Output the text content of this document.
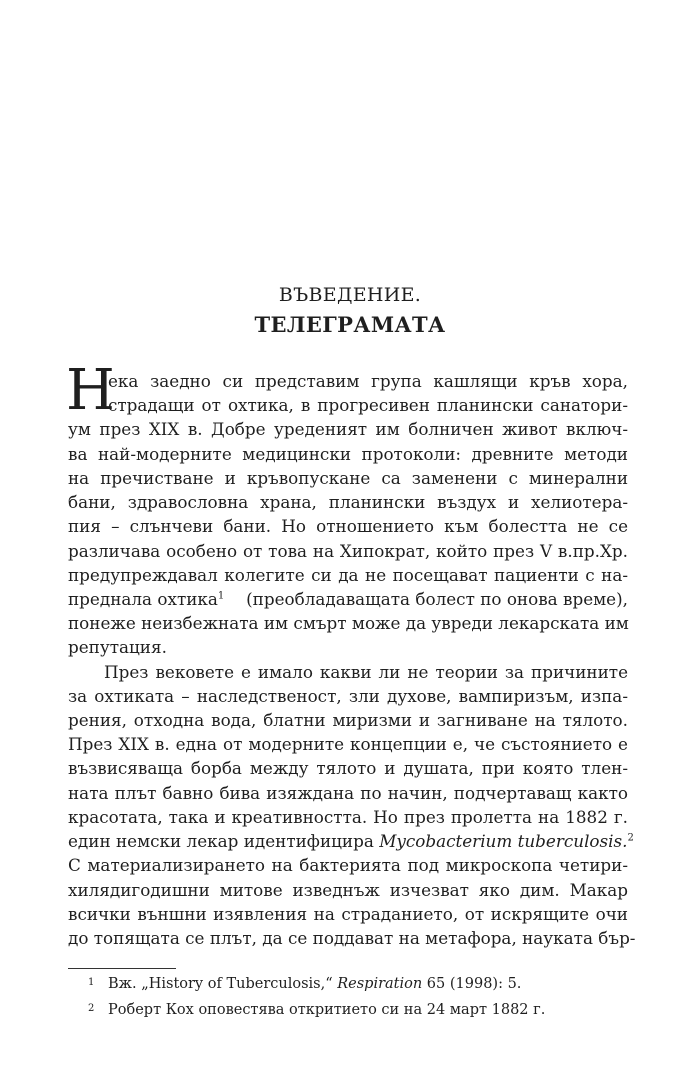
ВЪВЕДЕНИЕ.
ТЕЛЕГРАМАТА
Н
ека заедно си представим група кашлящи кръв хора,
страдащи от охтика, в прогресивен планински санатори-
ум през XIX в. Добре уреденият им болничен живот включ-
ва най-модерните медицински протоколи: древните методи
на пречистване и кръвопускане са заменени с минерални
бани, здравословна храна, планински въздух и хелиотера-
пия – слънчеви бани. Но отношението към болестта не се
различава особено от това на Хипократ, който през V в.пр.Хр.
предупреждавал колегите си да не посещават пациенти с на-
преднала охтика$^1$ (преобладаващата болест по онова време),
понеже неизбежната им смърт може да увреди лекарската им
репутация.
През вековете е имало какви ли не теории за причините
за охтиката – наследственост, зли духове, вампиризъм, изпа-
рения, отходна вода, блатни миризми и загниване на тялото.
През XIX в. една от модерните концепции е, че състоянието е
възвисяваща борба между тялото и душата, при която тлен-
ната плът бавно бива изяждана по начин, подчертаващ както
красотата, така и креативността. Но през пролетта на 1882 г.
един немски лекар идентифицира Mycobacterium tuberculosis.$^2$
С материализирането на бактерията под микроскопа четири-
хилядигодишни митове изведнъж изчезват яко дим. Макар
всички външни изявления на страданието, от искрящите очи
до топящата се плът, да се поддават на метафора, науката бър-
1 Вж. „History of Tuberculosis,“ Respiration 65 (1998): 5.
2 Роберт Кох оповестява откритието си на 24 март 1882 г.
